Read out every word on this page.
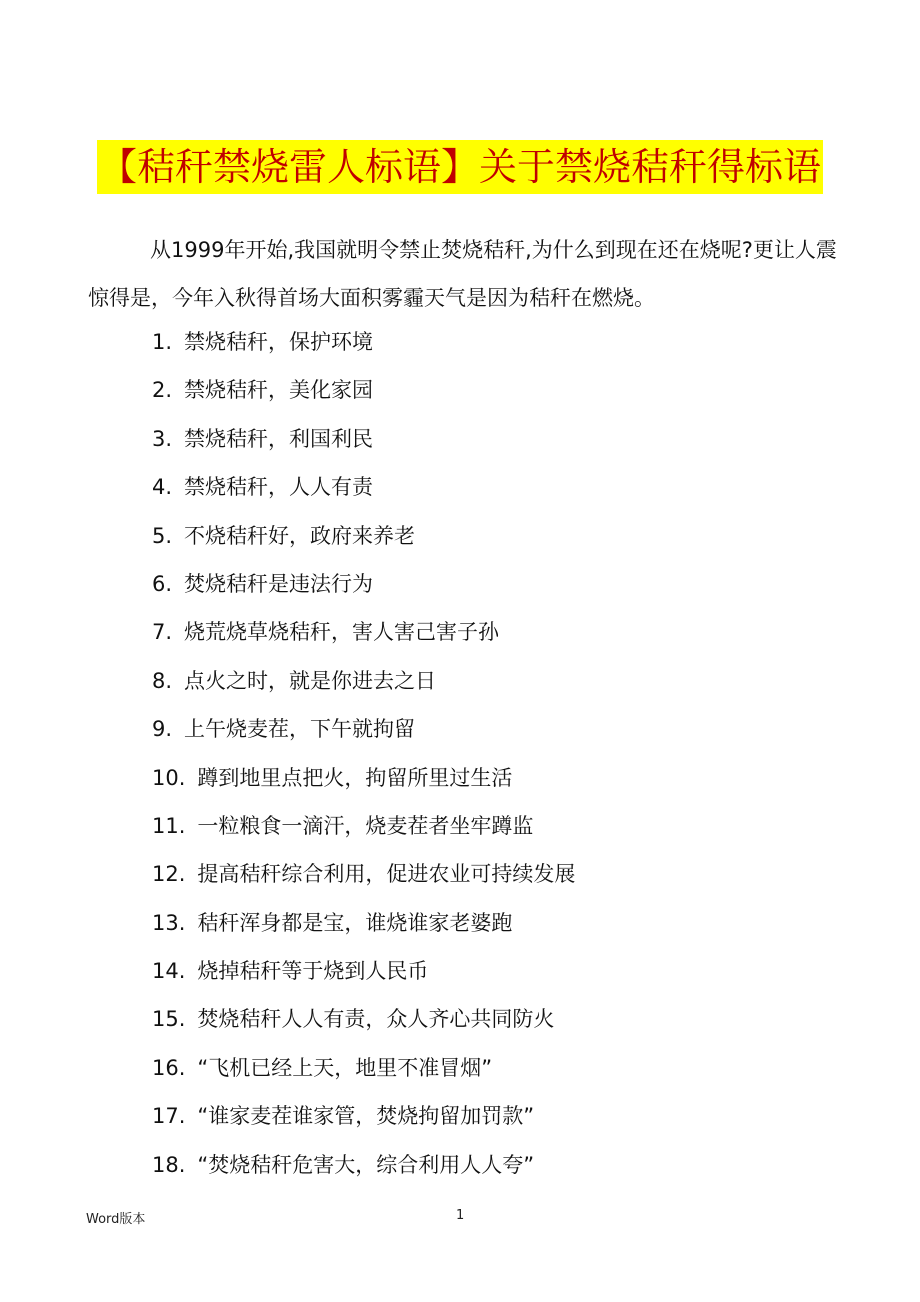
【秸秆禁烧雷人标语】关于禁烧秸秆得标语

从1999年开始,我国就明令禁止焚烧秸秆,为什么到现在还在烧呢?更让人震惊得是，今年入秋得首场大面积雾霾天气是因为秸秆在燃烧。

1. 禁烧秸秆，保护环境
2. 禁烧秸秆，美化家园
3. 禁烧秸秆，利国利民
4. 禁烧秸秆，人人有责
5. 不烧秸秆好，政府来养老
6. 焚烧秸秆是违法行为
7. 烧荒烧草烧秸秆，害人害己害子孙
8. 点火之时，就是你进去之日
9. 上午烧麦茬，下午就拘留
10. 蹲到地里点把火，拘留所里过生活
11. 一粒粮食一滴汗，烧麦茬者坐牢蹲监
12. 提高秸秆综合利用，促进农业可持续发展
13. 秸秆浑身都是宝，谁烧谁家老婆跑
14. 烧掉秸秆等于烧到人民币
15. 焚烧秸秆人人有责，众人齐心共同防火
16. “飞机已经上天，地里不准冒烟”
17. “谁家麦茬谁家管，焚烧拘留加罚款”
18. “焚烧秸秆危害大，综合利用人人夸”
Word版本	1
